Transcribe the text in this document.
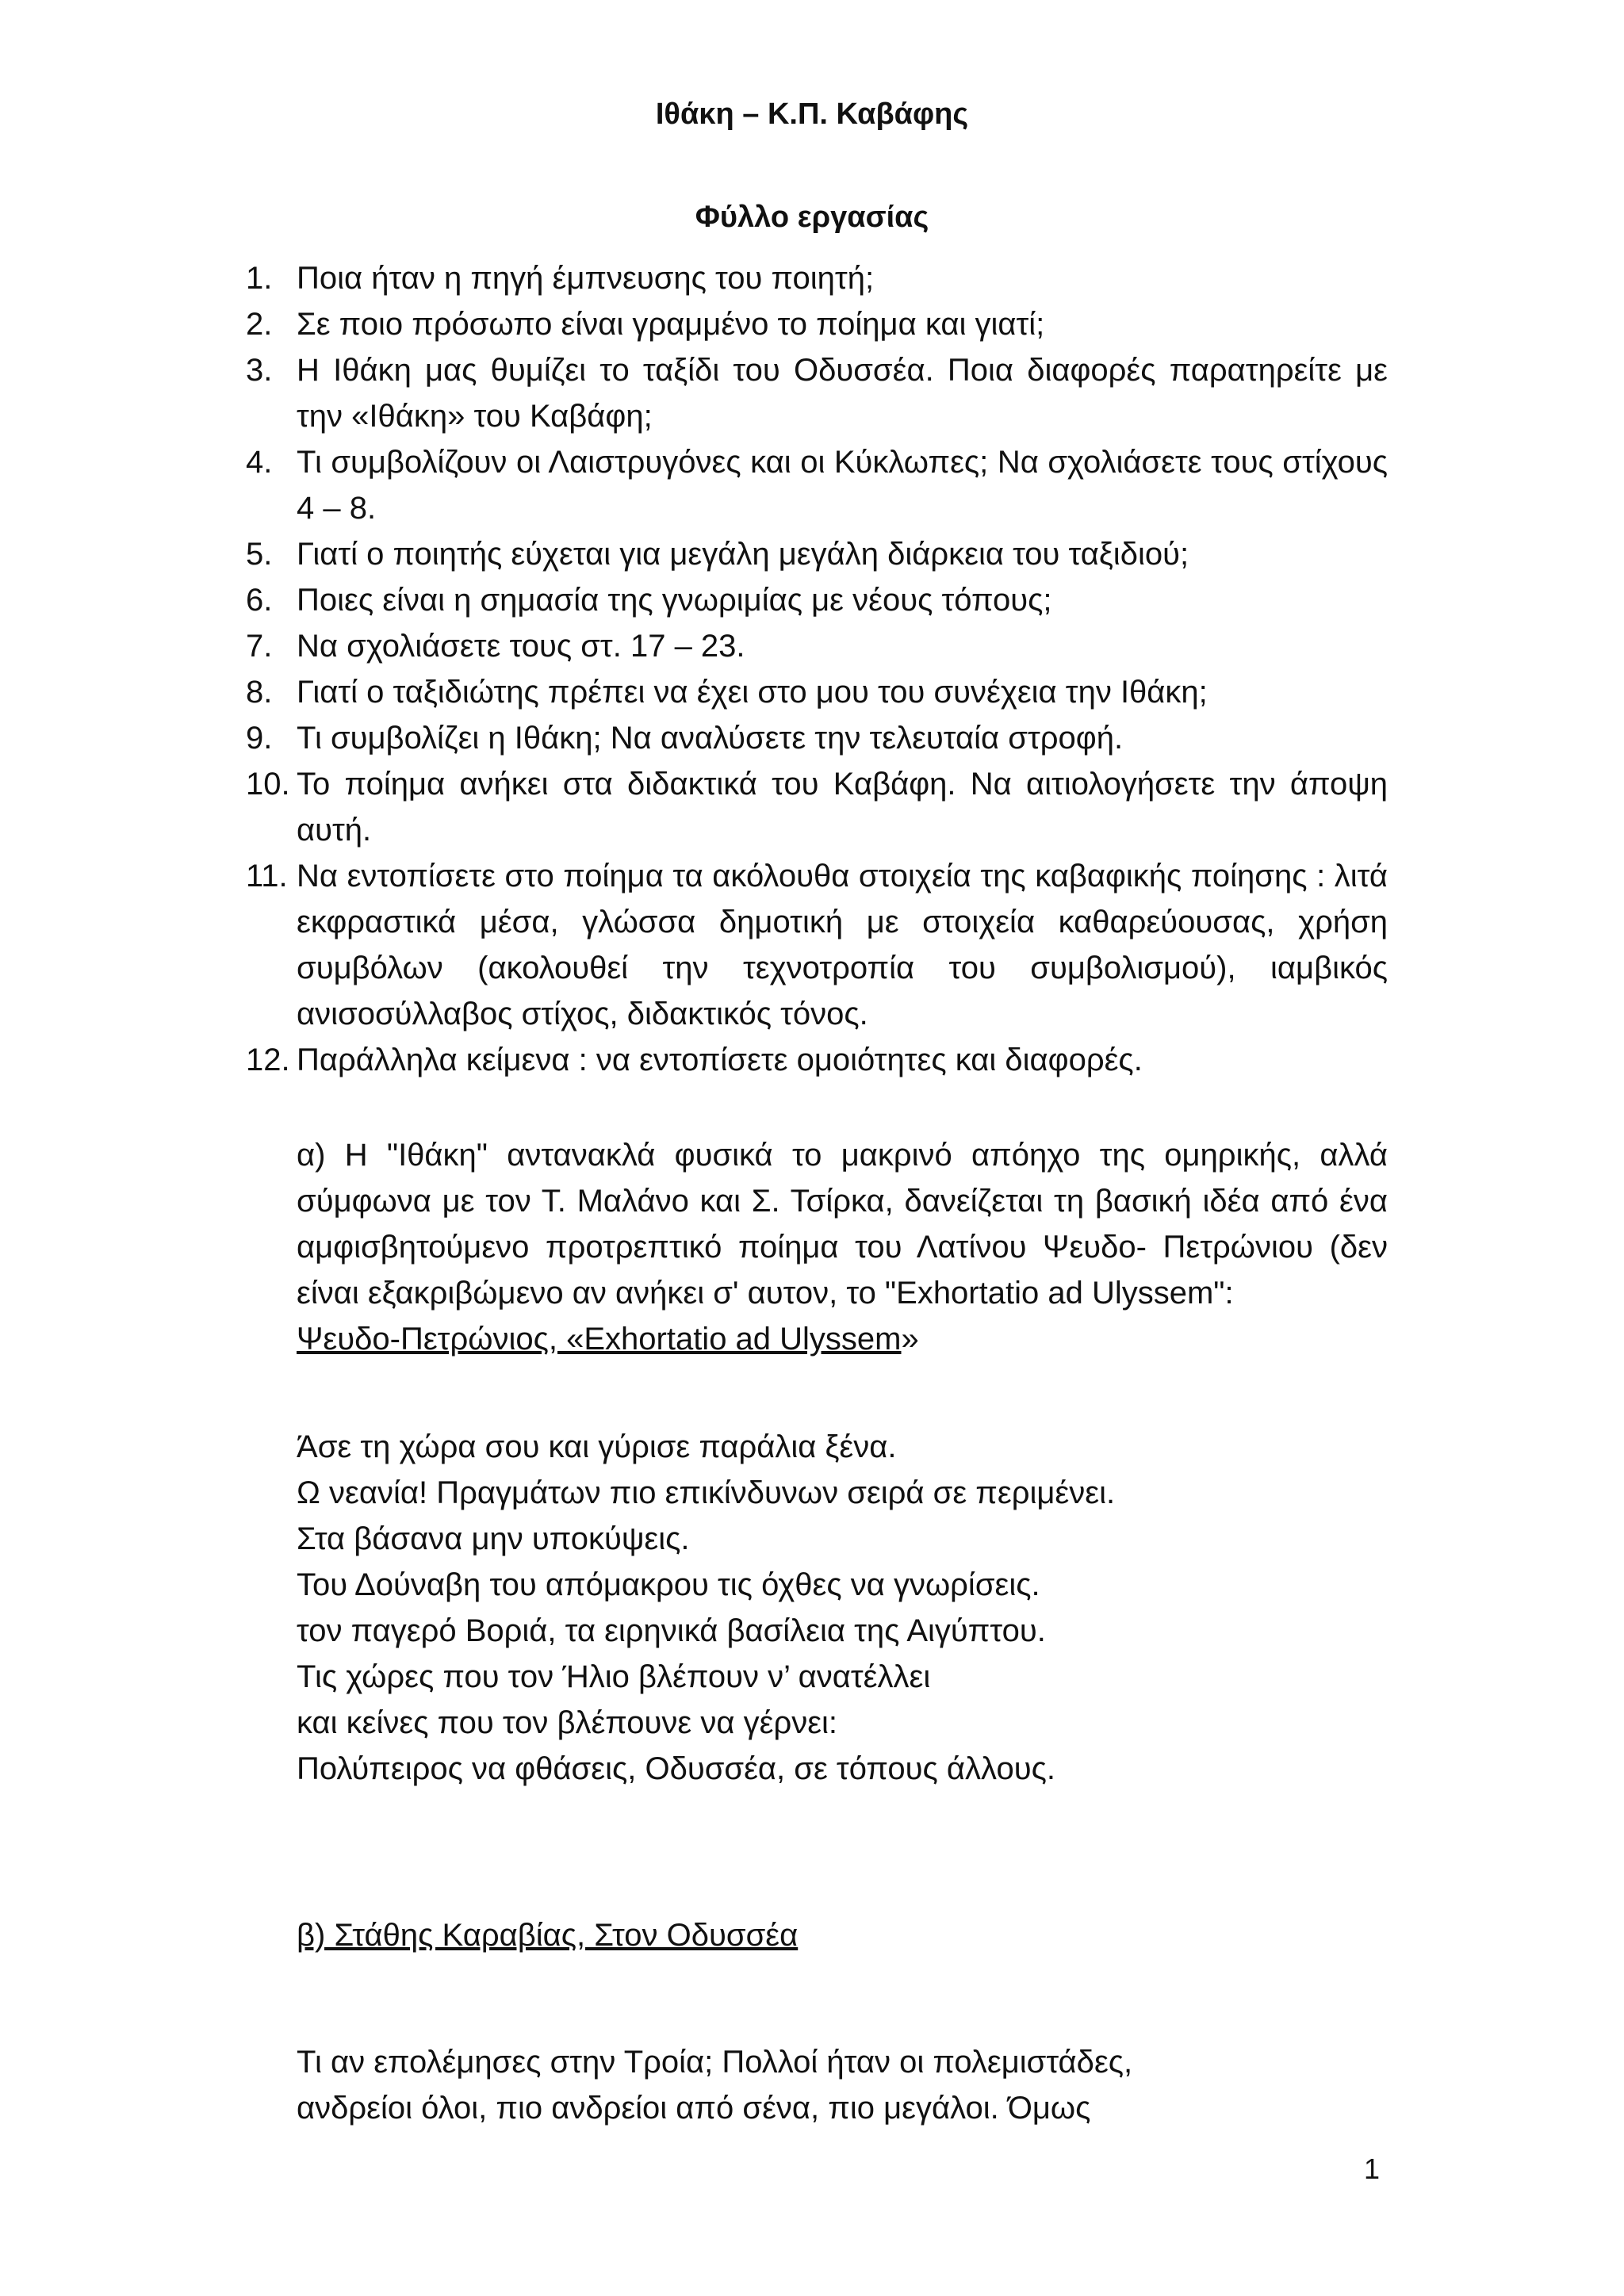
Ιθάκη – Κ.Π. Καβάφης
Φύλλο εργασίας
1. Ποια ήταν η πηγή έμπνευσης του ποιητή;
2. Σε ποιο πρόσωπο είναι γραμμένο το ποίημα και γιατί;
3. Η Ιθάκη μας θυμίζει το ταξίδι του Οδυσσέα. Ποια διαφορές παρατηρείτε με την «Ιθάκη» του Καβάφη;
4. Τι συμβολίζουν οι Λαιστρυγόνες και οι Κύκλωπες; Να σχολιάσετε τους στίχους 4 – 8.
5. Γιατί ο ποιητής εύχεται για μεγάλη μεγάλη διάρκεια του ταξιδιού;
6. Ποιες είναι η σημασία της γνωριμίας με νέους τόπους;
7. Να σχολιάσετε τους στ. 17 – 23.
8. Γιατί ο ταξιδιώτης πρέπει να έχει στο μου του συνέχεια την Ιθάκη;
9. Τι συμβολίζει η Ιθάκη; Να αναλύσετε την τελευταία στροφή.
10. Το ποίημα ανήκει στα διδακτικά του Καβάφη. Να αιτιολογήσετε την άποψη αυτή.
11. Να εντοπίσετε στο ποίημα τα ακόλουθα στοιχεία της καβαφικής ποίησης : λιτά εκφραστικά μέσα, γλώσσα δημοτική με στοιχεία καθαρεύουσας, χρήση συμβόλων (ακολουθεί την τεχνοτροπία του συμβολισμού), ιαμβικός ανισοσύλλαβος στίχος, διδακτικός τόνος.
12. Παράλληλα κείμενα : να εντοπίσετε ομοιότητες και διαφορές.
α) Η "Ιθάκη" αντανακλά φυσικά το μακρινό απόηχο της ομηρικής, αλλά σύμφωνα με τον Τ. Μαλάνο και Σ. Τσίρκα, δανείζεται τη βασική ιδέα από ένα αμφισβητούμενο προτρεπτικό ποίημα του Λατίνου Ψευδο- Πετρώνιου (δεν είναι εξακριβώμενο αν ανήκει σ' αυτον, το "Exhortatio ad Ulyssem":
Ψευδο-Πετρώνιος, «Exhortatio ad Ulyssem»
Άσε τη χώρα σου και γύρισε παράλια ξένα.
Ω νεανία! Πραγμάτων πιο επικίνδυνων σειρά σε περιμένει.
Στα βάσανα μην υποκύψεις.
Του Δούναβη του απόμακρου τις όχθες να γνωρίσεις.
τον παγερό Βοριά, τα ειρηνικά βασίλεια της Αιγύπτου.
Τις χώρες που τον Ήλιο βλέπουν ν’ ανατέλλει
και κείνες που τον βλέπουνε να γέρνει:
Πολύπειρος να φθάσεις, Οδυσσέα, σε τόπους άλλους.
β) Στάθης Καραβίας, Στον Οδυσσέα
Τι αν επολέμησες στην Τροία; Πολλοί ήταν οι πολεμιστάδες,
ανδρείοι όλοι, πιο ανδρείοι από σένα, πιο μεγάλοι. Όμως
1
